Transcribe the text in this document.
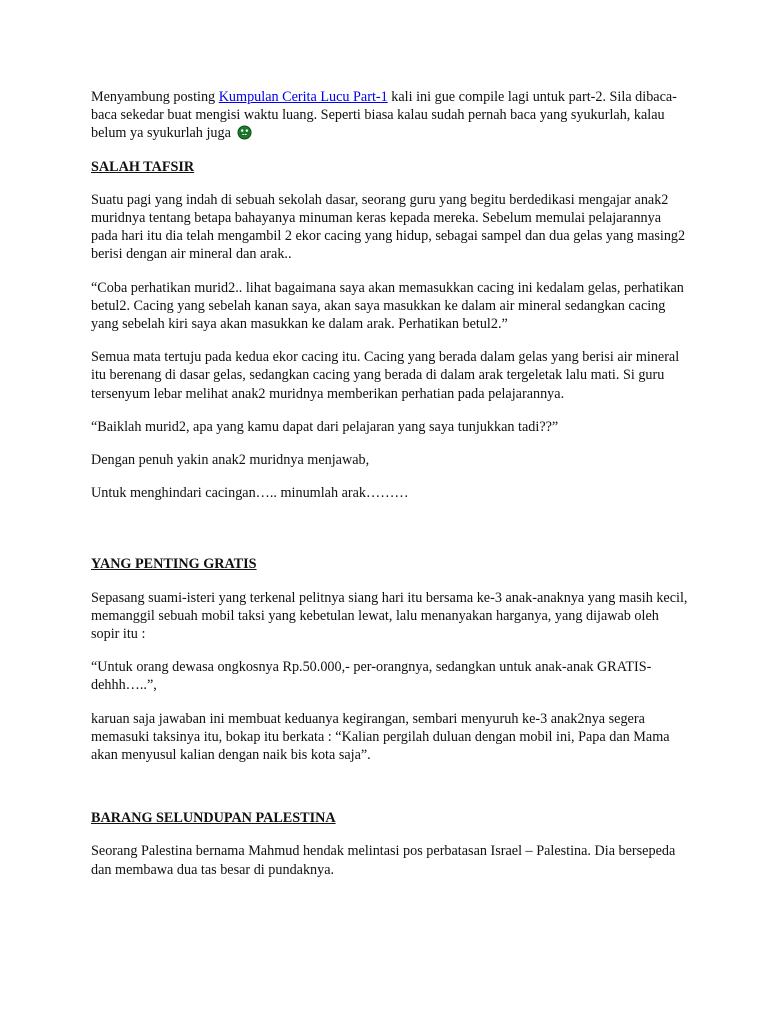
Menyambung posting Kumpulan Cerita Lucu Part-1 kali ini gue compile lagi untuk part-2. Sila dibaca-baca sekedar buat mengisi waktu luang. Seperti biasa kalau sudah pernah baca yang syukurlah, kalau belum ya syukurlah juga

SALAH TAFSIR

Suatu pagi yang indah di sebuah sekolah dasar, seorang guru yang begitu berdedikasi mengajar anak2 muridnya tentang betapa bahayanya minuman keras kepada mereka. Sebelum memulai pelajarannya pada hari itu dia telah mengambil 2 ekor cacing yang hidup, sebagai sampel dan dua gelas yang masing2 berisi dengan air mineral dan arak..

“Coba perhatikan murid2.. lihat bagaimana saya akan memasukkan cacing ini kedalam gelas, perhatikan betul2. Cacing yang sebelah kanan saya, akan saya masukkan ke dalam air mineral sedangkan cacing yang sebelah kiri saya akan masukkan ke dalam arak. Perhatikan betul2.”

Semua mata tertuju pada kedua ekor cacing itu. Cacing yang berada dalam gelas yang berisi air mineral itu berenang di dasar gelas, sedangkan cacing yang berada di dalam arak tergeletak lalu mati. Si guru tersenyum lebar melihat anak2 muridnya memberikan perhatian pada pelajarannya.

“Baiklah murid2, apa yang kamu dapat dari pelajaran yang saya tunjukkan tadi??”

Dengan penuh yakin anak2 muridnya menjawab,

Untuk menghindari cacingan….. minumlah arak………

YANG PENTING GRATIS

Sepasang suami-isteri yang terkenal pelitnya siang hari itu bersama ke-3 anak-anaknya yang masih kecil, memanggil sebuah mobil taksi yang kebetulan lewat, lalu menanyakan harganya, yang dijawab oleh sopir itu :

“Untuk orang dewasa ongkosnya Rp.50.000,- per-orangnya, sedangkan untuk anak-anak GRATIS-dehhh…..”,

karuan saja jawaban ini membuat keduanya kegirangan, sembari menyuruh ke-3 anak2nya segera memasuki taksinya itu, bokap itu berkata : “Kalian pergilah duluan dengan mobil ini, Papa dan Mama akan menyusul kalian dengan naik bis kota saja”.

BARANG SELUNDUPAN PALESTINA

Seorang Palestina bernama Mahmud hendak melintasi pos perbatasan Israel – Palestina. Dia bersepeda dan membawa dua tas besar di pundaknya.
